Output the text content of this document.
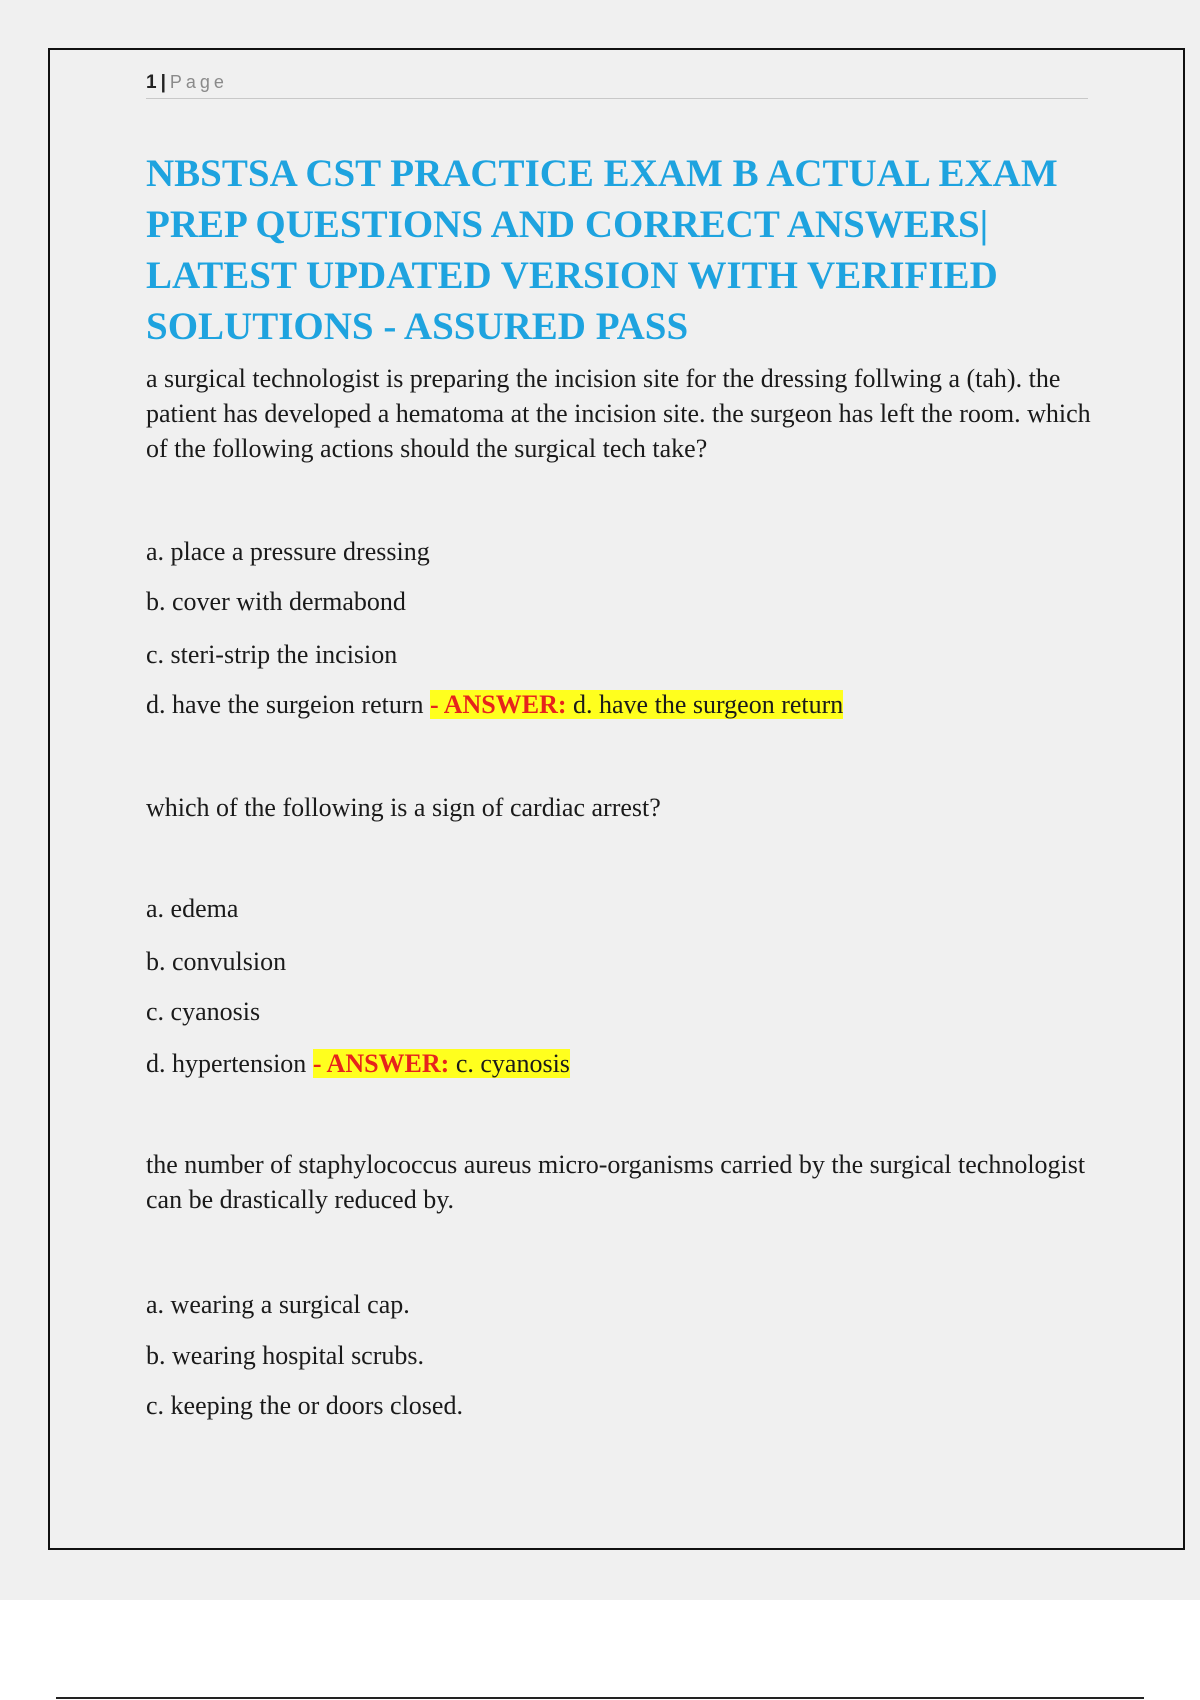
1 | Page
NBSTSA CST PRACTICE EXAM B ACTUAL EXAM PREP QUESTIONS AND CORRECT ANSWERS| LATEST UPDATED VERSION WITH VERIFIED SOLUTIONS - ASSURED PASS
a surgical technologist is preparing the incision site for the dressing follwing a (tah). the patient has developed a hematoma at the incision site. the surgeon has left the room. which of the following actions should the surgical tech take?
a. place a pressure dressing
b. cover with dermabond
c. steri-strip the incision
d. have the surgeion return - ANSWER: d. have the surgeon return
which of the following is a sign of cardiac arrest?
a. edema
b. convulsion
c. cyanosis
d. hypertension - ANSWER: c. cyanosis
the number of staphylococcus aureus micro-organisms carried by the surgical technologist can be drastically reduced by.
a. wearing a surgical cap.
b. wearing hospital scrubs.
c. keeping the or doors closed.
